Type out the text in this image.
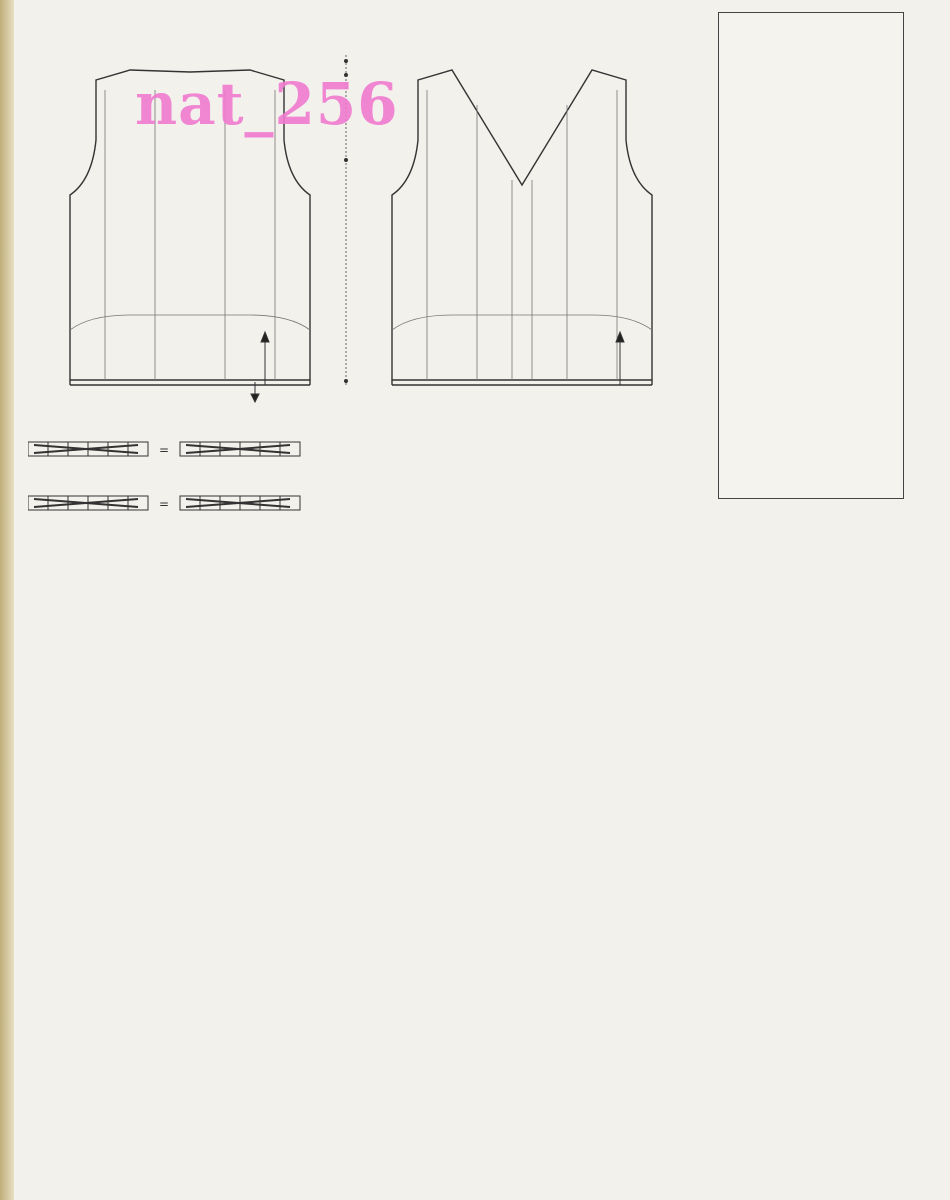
nat_256
=
=
